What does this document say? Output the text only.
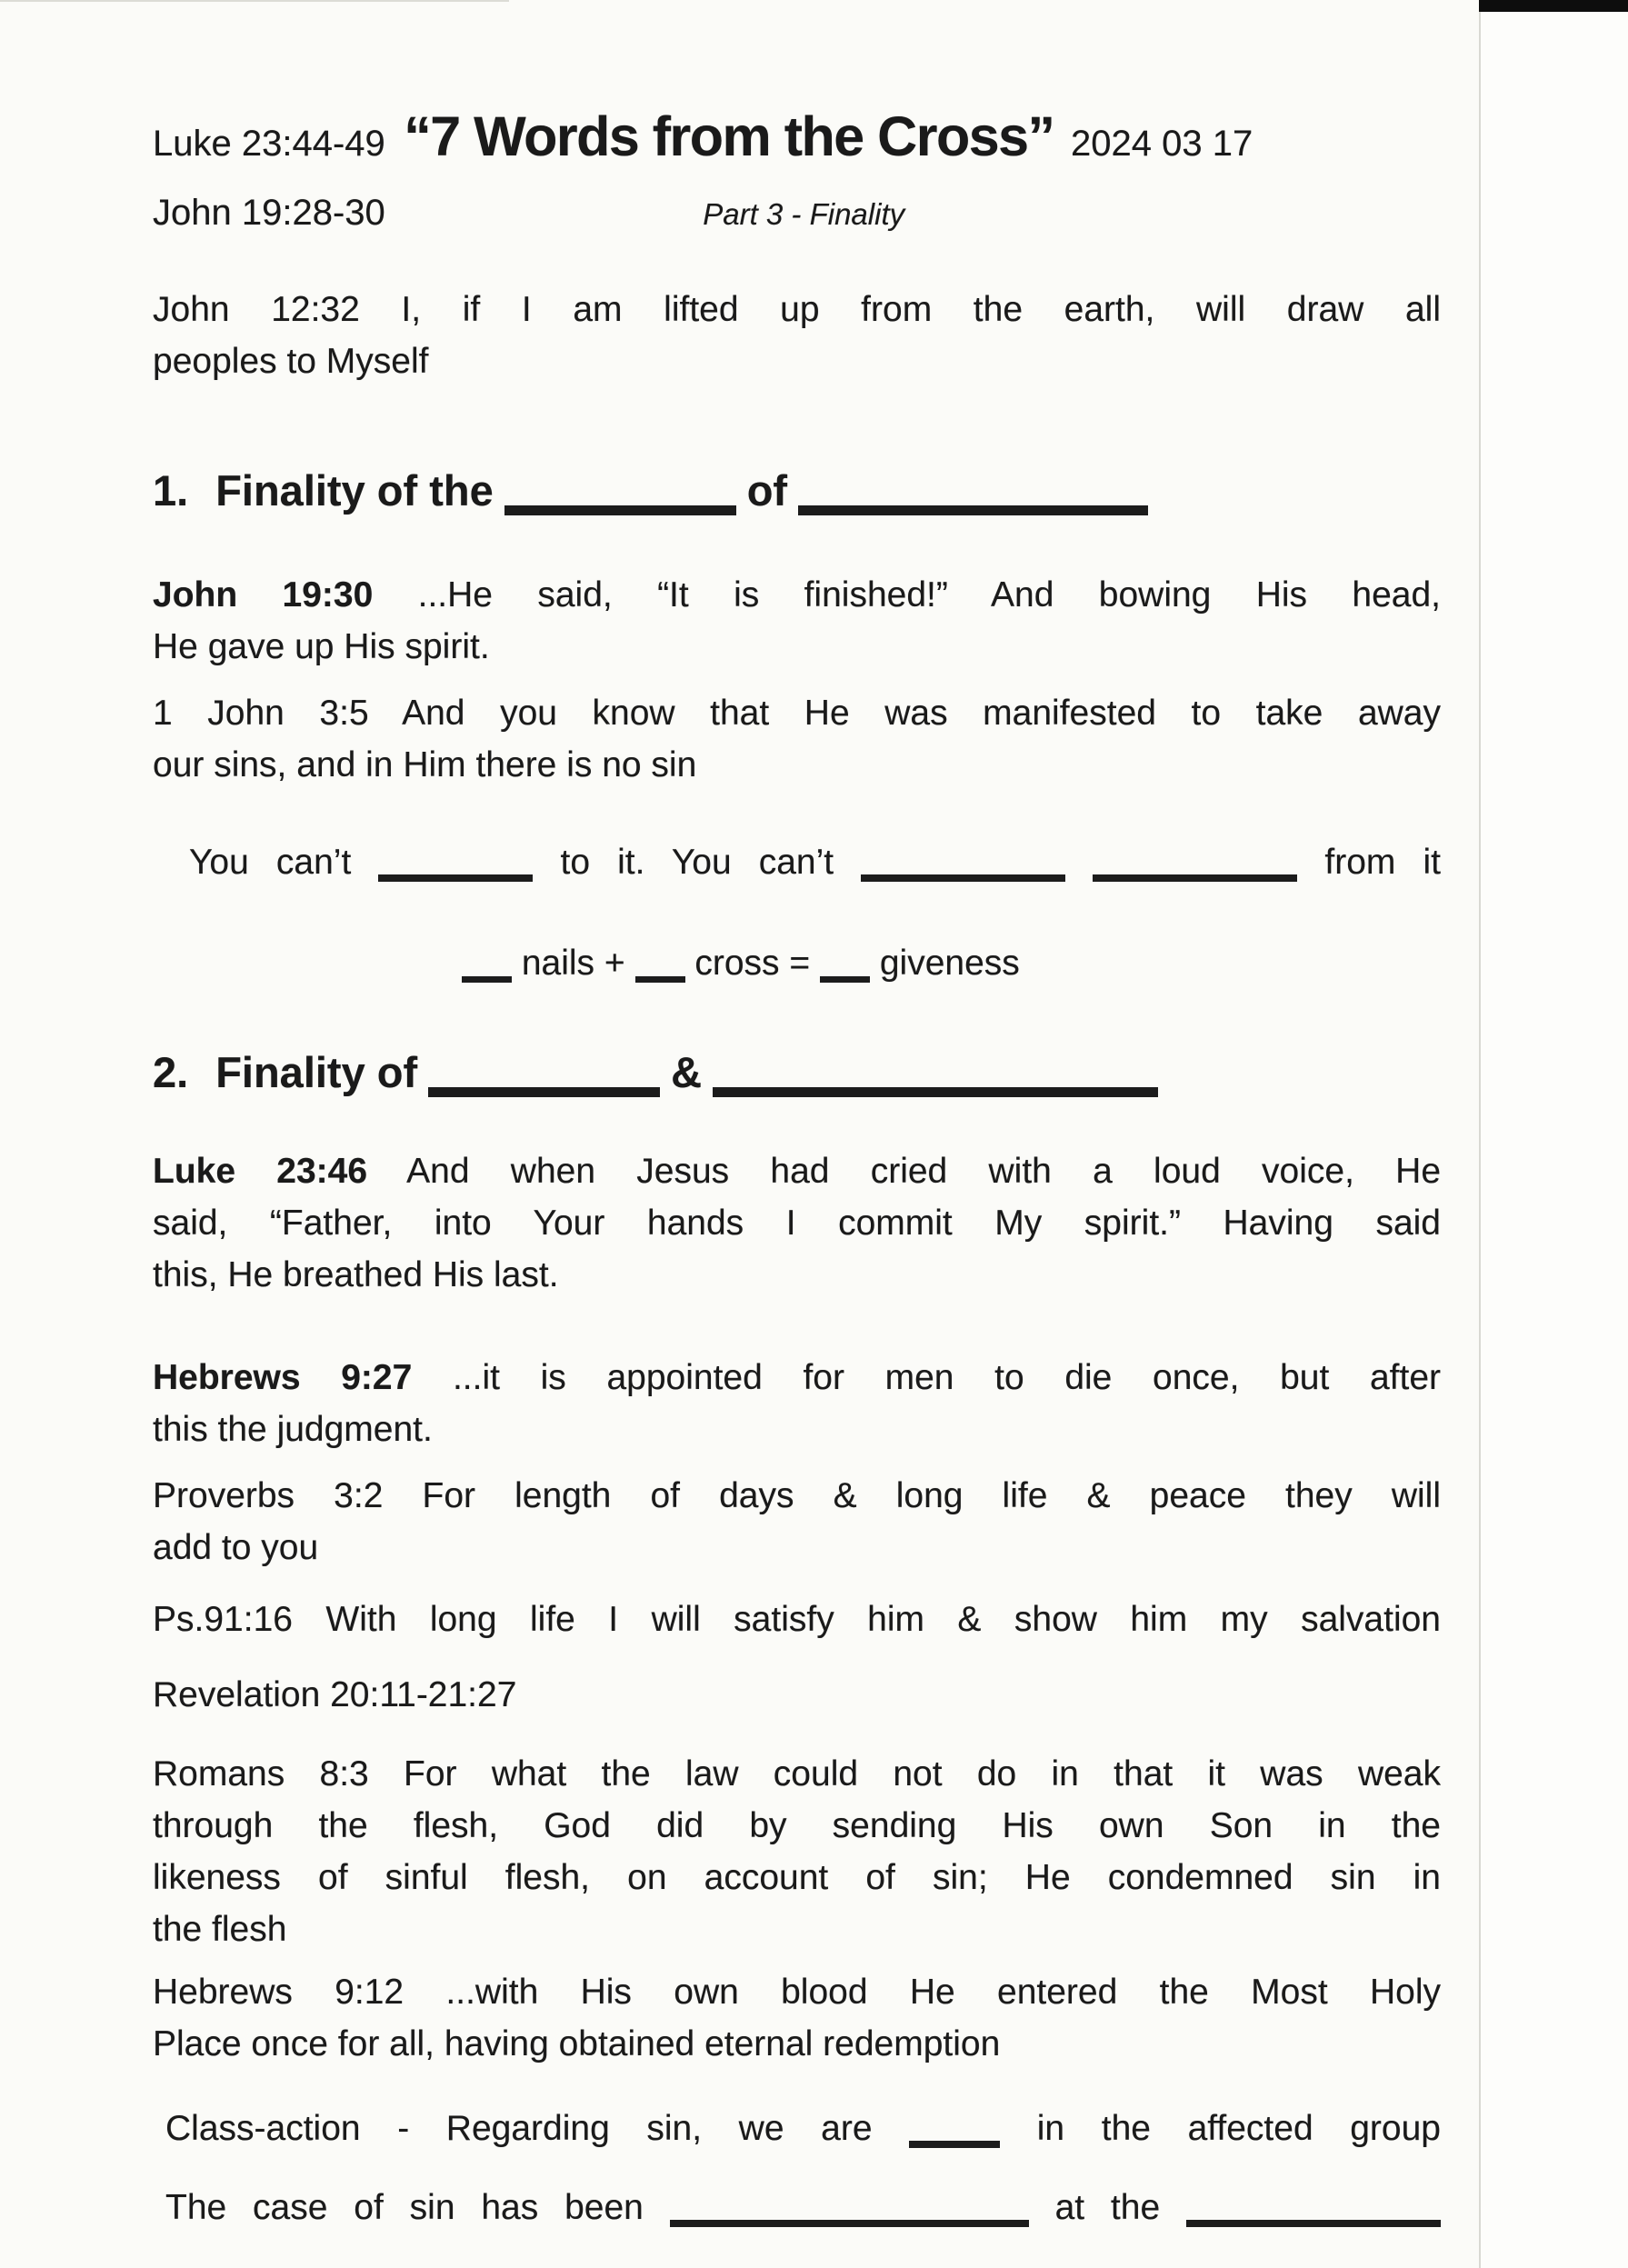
Luke 23:44-49 “7 Words from the Cross” 2024 03 17
John 19:28-30	Part 3 - Finality
John 12:32 I, if I am lifted up from the earth, will draw all
peoples to Myself
1. Finality of the	of
John 19:30 ...He said, “It is finished!” And bowing His head,
He gave up His spirit.
1 John 3:5 And you know that He was manifested to take away
our sins, and in Him there is no sin
You can’t	to it. You can’t	from it
nails + cross = giveness
2. Finality of	&
Luke 23:46 And when Jesus had cried with a loud voice, He
said, “Father, into Your hands I commit My spirit.” Having said
this, He breathed His last.
Hebrews 9:27 ...it is appointed for men to die once, but after
this the judgment.
Proverbs 3:2 For length of days & long life & peace they will
add to you
Ps.91:16 With long life I will satisfy him & show him my salvation
Revelation 20:11-21:27
Romans 8:3 For what the law could not do in that it was weak
through the flesh, God did by sending His own Son in the
likeness of sinful flesh, on account of sin; He condemned sin in
the flesh
Hebrews 9:12 ...with His own blood He entered the Most Holy
Place once for all, having obtained eternal redemption
Class-action - Regarding sin, we are	in the affected group
The case of sin has been	at the
